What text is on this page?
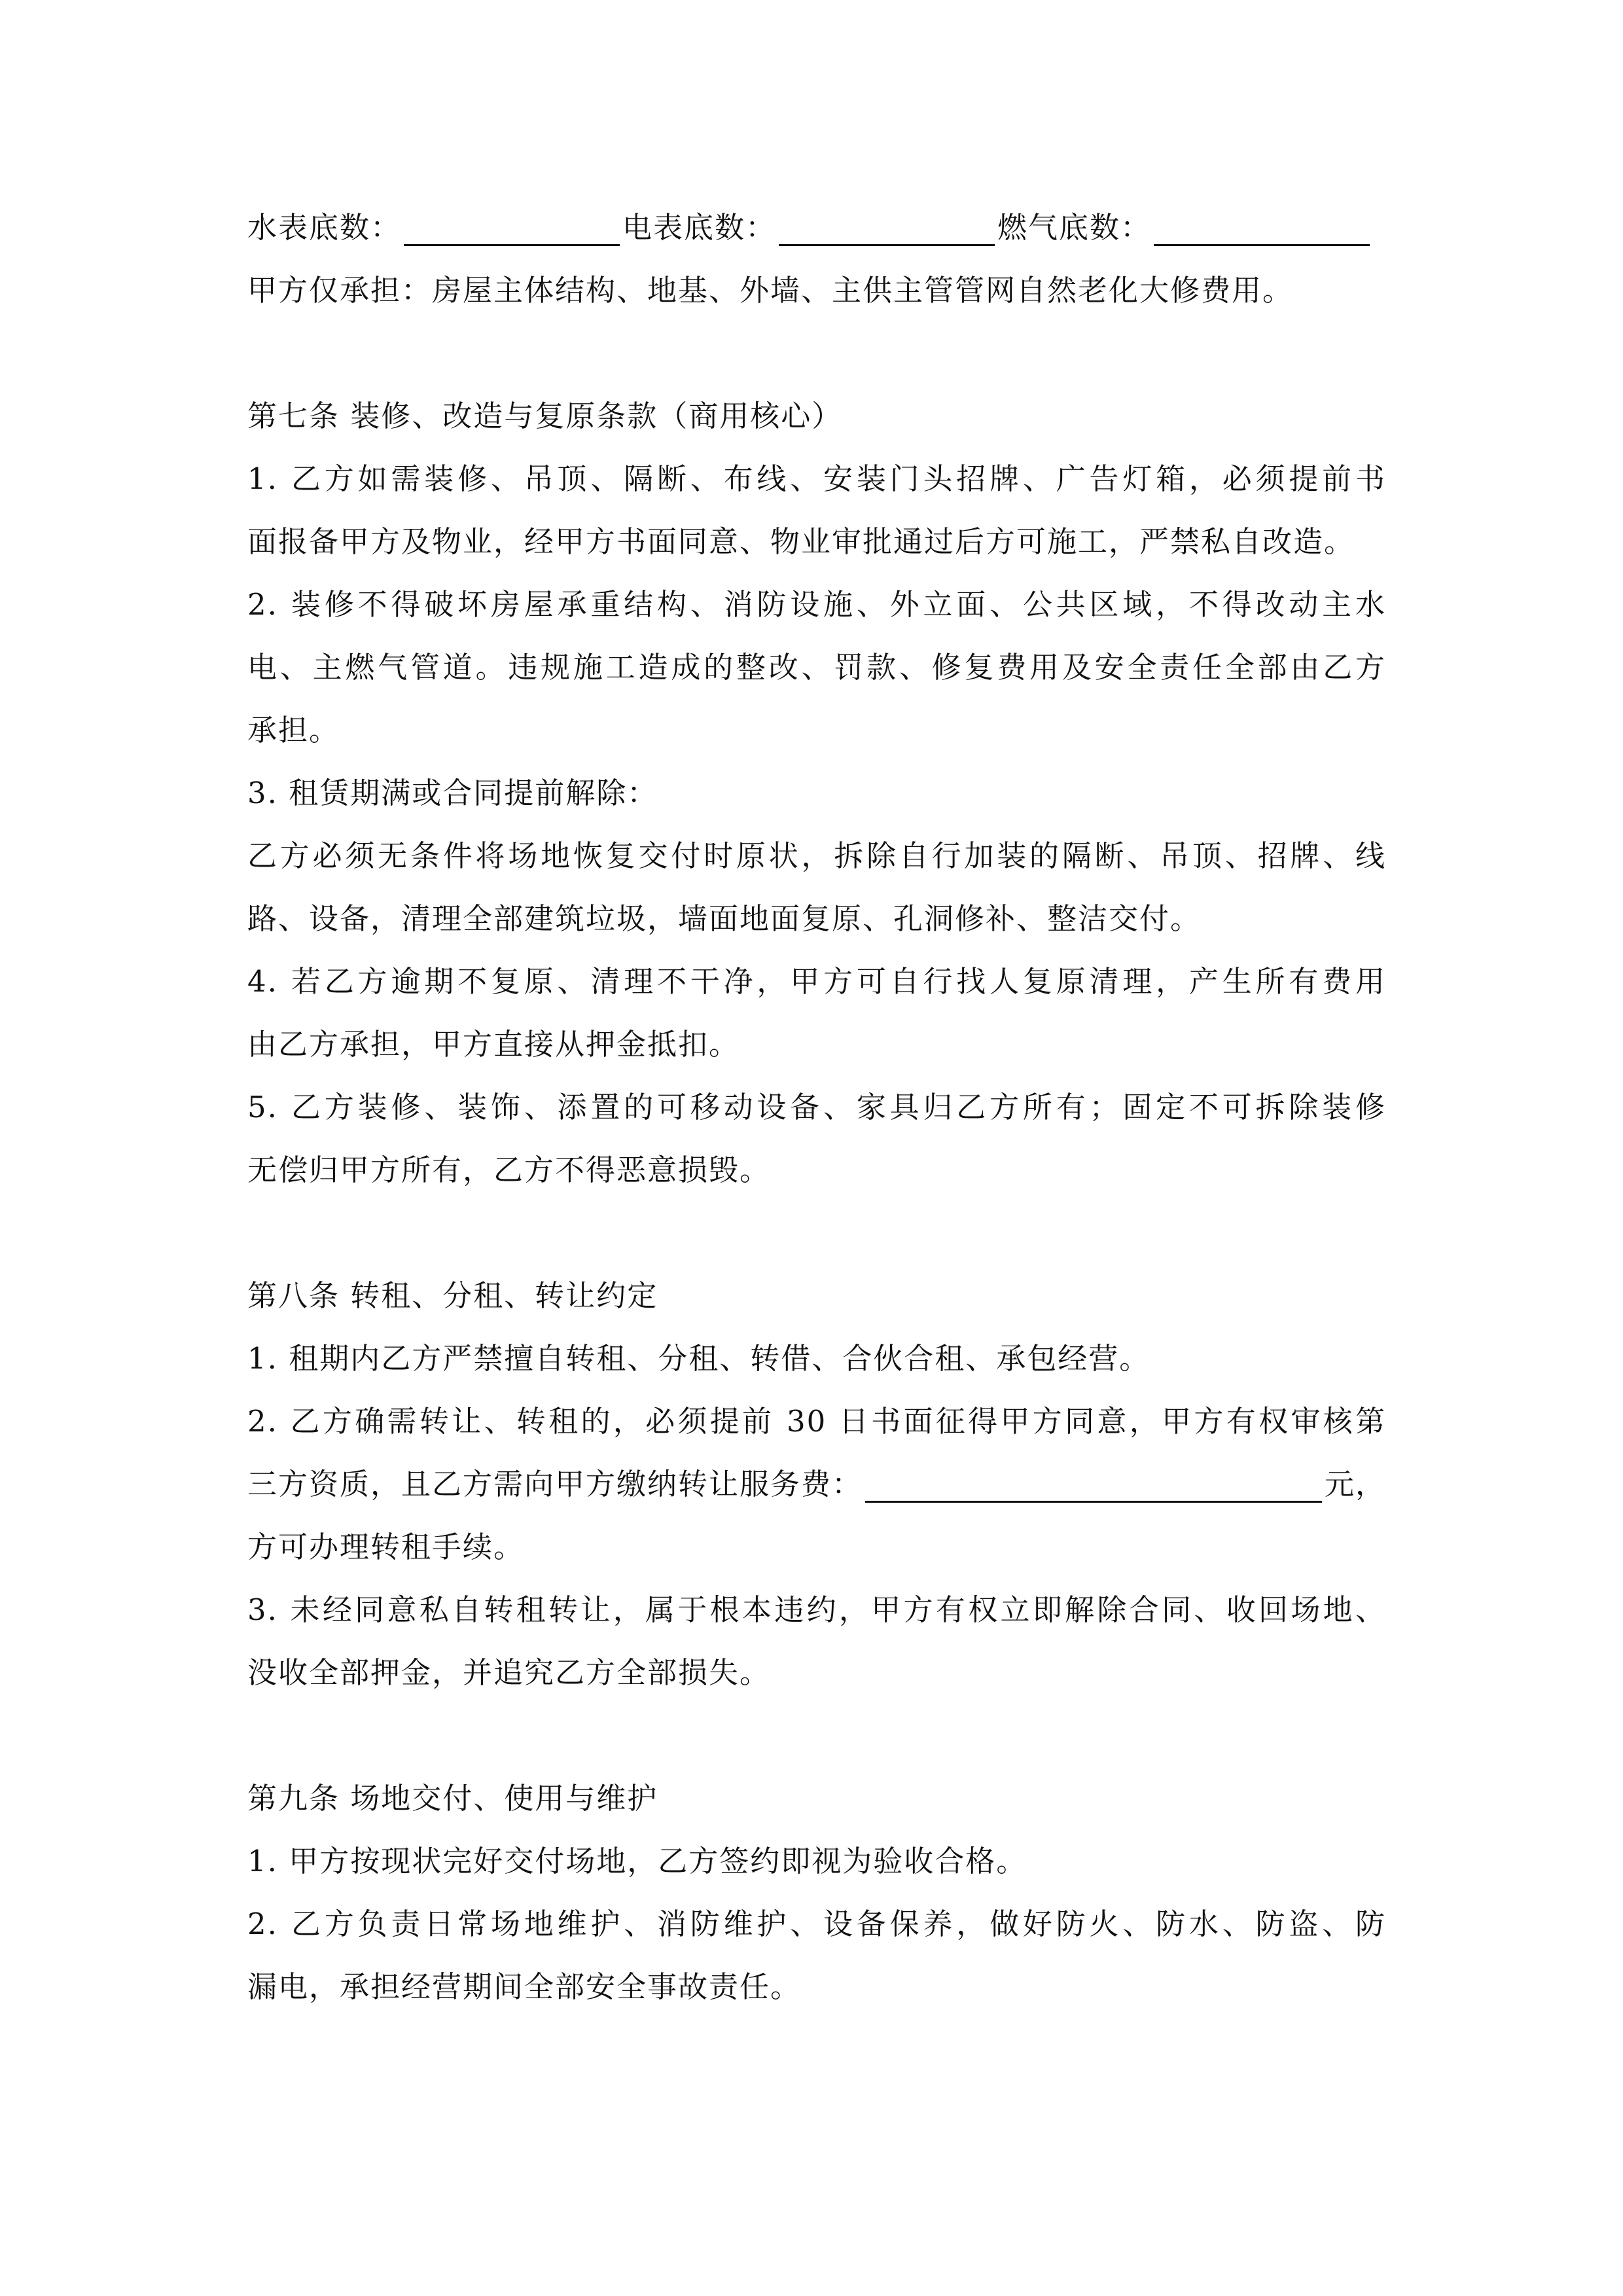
水表底数：	电表底数：	燃气底数：
甲方仅承担：房屋主体结构、地基、外墙、主供主管管网自然老化大修费用。
第七条 装修、改造与复原条款（商用核心）
1. 乙方如需装修、吊顶、隔断、布线、安装门头招牌、广告灯箱，必须提前书
面报备甲方及物业，经甲方书面同意、物业审批通过后方可施工，严禁私自改造。
2. 装修不得破坏房屋承重结构、消防设施、外立面、公共区域，不得改动主水
电、主燃气管道。违规施工造成的整改、罚款、修复费用及安全责任全部由乙方
承担。
3. 租赁期满或合同提前解除：
乙方必须无条件将场地恢复交付时原状，拆除自行加装的隔断、吊顶、招牌、线
路、设备，清理全部建筑垃圾，墙面地面复原、孔洞修补、整洁交付。
4. 若乙方逾期不复原、清理不干净，甲方可自行找人复原清理，产生所有费用
由乙方承担，甲方直接从押金抵扣。
5. 乙方装修、装饰、添置的可移动设备、家具归乙方所有；固定不可拆除装修
无偿归甲方所有，乙方不得恶意损毁。
第八条 转租、分租、转让约定
1. 租期内乙方严禁擅自转租、分租、转借、合伙合租、承包经营。
2. 乙方确需转让、转租的，必须提前 30 日书面征得甲方同意，甲方有权审核第
三方资质，且乙方需向甲方缴纳转让服务费：	元，
方可办理转租手续。
3. 未经同意私自转租转让，属于根本违约，甲方有权立即解除合同、收回场地、
没收全部押金，并追究乙方全部损失。
第九条 场地交付、使用与维护
1. 甲方按现状完好交付场地，乙方签约即视为验收合格。
2. 乙方负责日常场地维护、消防维护、设备保养，做好防火、防水、防盗、防
漏电，承担经营期间全部安全事故责任。
